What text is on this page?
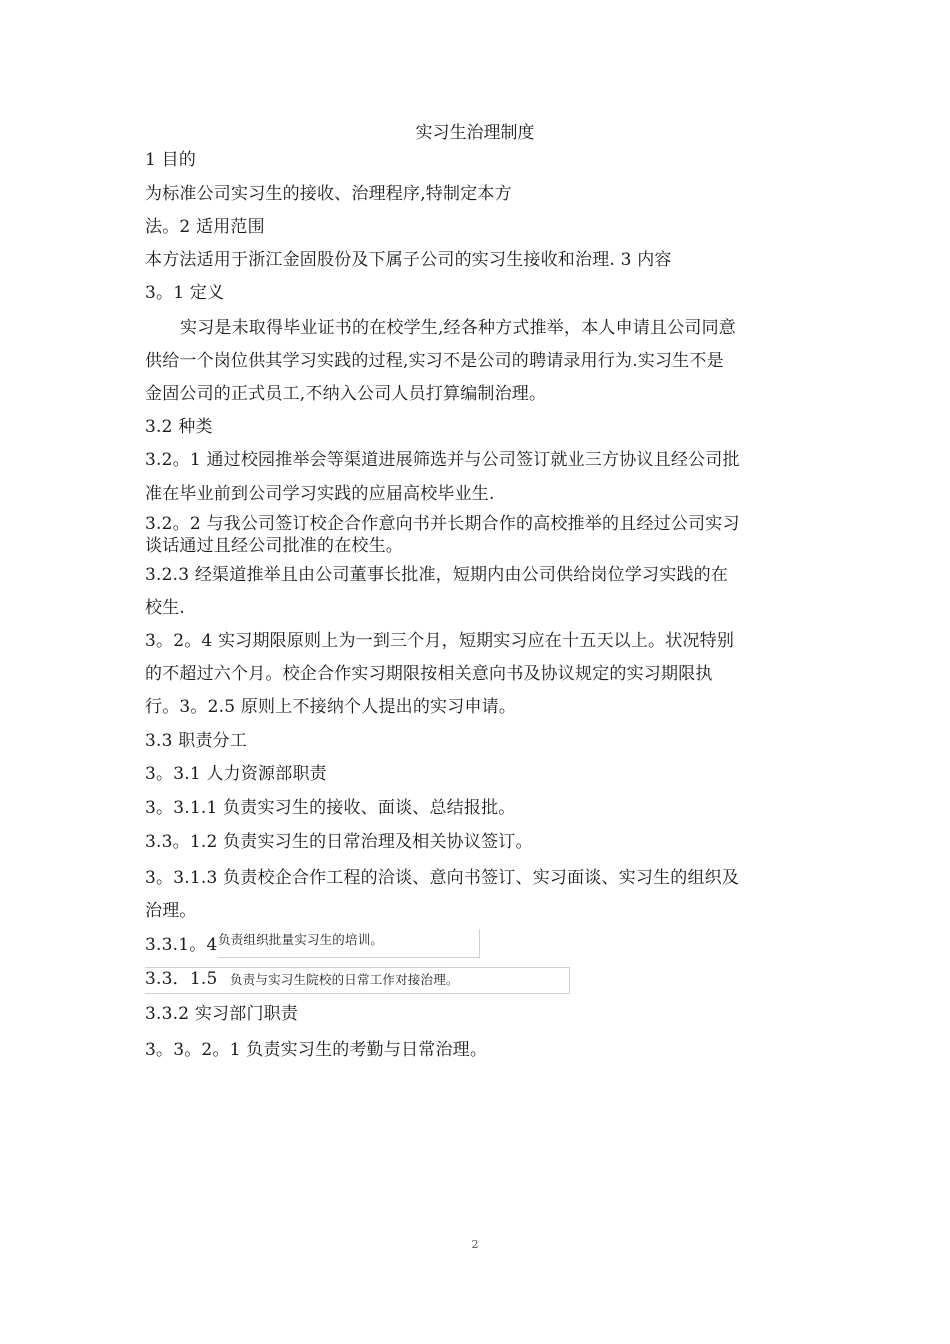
实习生治理制度
1 目的
为标准公司实习生的接收、治理程序,特制定本方
法。2 适用范围
本方法适用于浙江金固股份及下属子公司的实习生接收和治理. 3 内容
3。1 定义
实习是未取得毕业证书的在校学生,经各种方式推举，本人申请且公司同意
供给一个岗位供其学习实践的过程,实习不是公司的聘请录用行为.实习生不是
金固公司的正式员工,不纳入公司人员打算编制治理。
3.2 种类
3.2。1 通过校园推举会等渠道进展筛选并与公司签订就业三方协议且经公司批
准在毕业前到公司学习实践的应届高校毕业生.
3.2。2 与我公司签订校企合作意向书并长期合作的高校推举的且经过公司实习
谈话通过且经公司批准的在校生。
3.2.3 经渠道推举且由公司董事长批准，短期内由公司供给岗位学习实践的在
校生.
3。2。4 实习期限原则上为一到三个月，短期实习应在十五天以上。状况特别
的不超过六个月。校企合作实习期限按相关意向书及协议规定的实习期限执
行。3。2.5 原则上不接纳个人提出的实习申请。
3.3 职责分工
3。3.1 人力资源部职责
3。3.1.1 负责实习生的接收、面谈、总结报批。
3.3。1.2 负责实习生的日常治理及相关协议签订。
3。3.1.3 负责校企合作工程的洽谈、意向书签订、实习面谈、实习生的组织及
治理。
3.3.1。4 负责组织批量实习生的培训。
3.3．1.5 负责与实习生院校的日常工作对接治理。
3.3.2 实习部门职责
3。3。2。1 负责实习生的考勤与日常治理。
2
